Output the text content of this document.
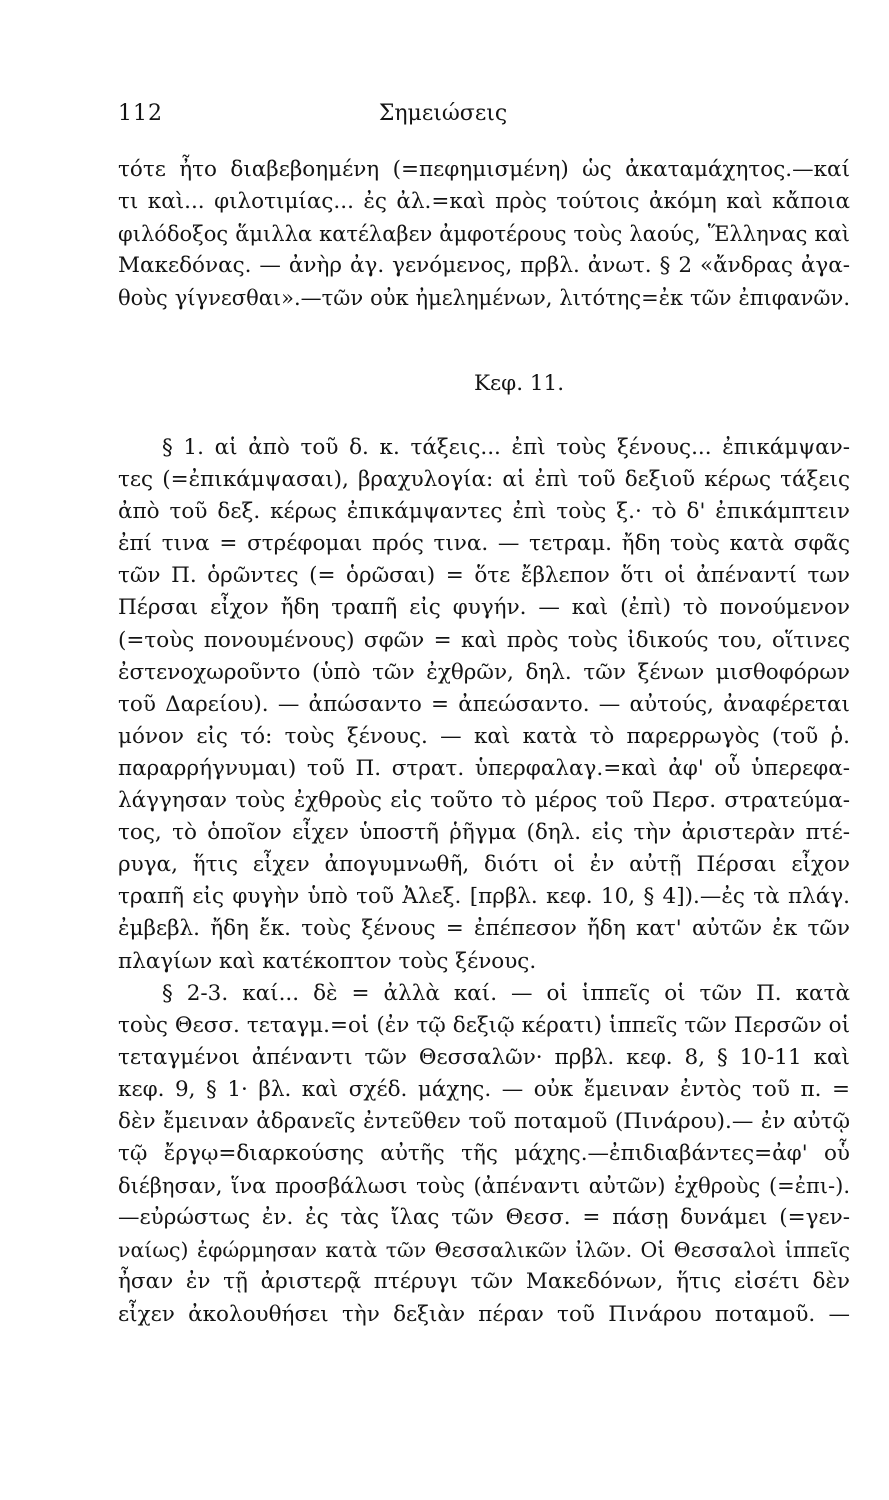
112	Σημειώσεις
τότε ἦτο διαβεβοημένη (=πεφημισμένη) ὡς ἀκαταμάχητος.—καί
τι καὶ... φιλοτιμίας... ἐς ἀλ.=καὶ πρὸς τούτοις ἀκόμη καὶ κἄποια
φιλόδοξος ἅμιλλα κατέλαβεν ἀμφοτέρους τοὺς λαούς, Ἕλληνας καὶ
Μακεδόνας. — ἀνὴρ ἀγ. γενόμενος, πρβλ. ἀνωτ. § 2 «ἄνδρας ἀγα-
θοὺς γίγνεσθαι».—τῶν οὐκ ἠμελημένων, λιτότης=ἐκ τῶν ἐπιφανῶν.
Κεφ. 11.
§ 1. αἱ ἀπὸ τοῦ δ. κ. τάξεις... ἐπὶ τοὺς ξένους... ἐπικάμψαν-
τες (=ἐπικάμψασαι), βραχυλογία: αἱ ἐπὶ τοῦ δεξιοῦ κέρως τάξεις
ἀπὸ τοῦ δεξ. κέρως ἐπικάμψαντες ἐπὶ τοὺς ξ.· τὸ δ' ἐπικάμπτειν
ἐπί τινα = στρέφομαι πρός τινα. — τετραμ. ἤδη τοὺς κατὰ σφᾶς
τῶν Π. ὁρῶντες (= ὁρῶσαι) = ὅτε ἔβλεπον ὅτι οἱ ἀπέναντί των
Πέρσαι εἶχον ἤδη τραπῆ εἰς φυγήν. — καὶ (ἐπὶ) τὸ πονούμενον
(=τοὺς πονουμένους) σφῶν = καὶ πρὸς τοὺς ἰδικούς του, οἵτινες
ἐστενοχωροῦντο (ὑπὸ τῶν ἐχθρῶν, δηλ. τῶν ξένων μισθοφόρων
τοῦ Δαρείου). — ἀπώσαντο = ἀπεώσαντο. — αὐτούς, ἀναφέρεται
μόνον εἰς τό: τοὺς ξένους. — καὶ κατὰ τὸ παρερρωγὸς (τοῦ ῥ.
παραρρήγνυμαι) τοῦ Π. στρατ. ὑπερφαλαγ.=καὶ ἀφ' οὗ ὑπερεφα-
λάγγησαν τοὺς ἐχθροὺς εἰς τοῦτο τὸ μέρος τοῦ Περσ. στρατεύμα-
τος, τὸ ὁποῖον εἶχεν ὑποστῆ ῥῆγμα (δηλ. εἰς τὴν ἀριστερὰν πτέ-
ρυγα, ἥτις εἶχεν ἀπογυμνωθῆ, διότι οἱ ἐν αὐτῇ Πέρσαι εἶχον
τραπῆ εἰς φυγὴν ὑπὸ τοῦ Ἀλεξ. [πρβλ. κεφ. 10, § 4]).—ἐς τὰ πλάγ.
ἐμβεβλ. ἤδη ἔκ. τοὺς ξένους = ἐπέπεσον ἤδη κατ' αὐτῶν ἐκ τῶν
πλαγίων καὶ κατέκοπτον τοὺς ξένους.
§ 2-3. καί... δὲ = ἀλλὰ καί. — οἱ ἱππεῖς οἱ τῶν Π. κατὰ
τοὺς Θεσσ. τεταγμ.=οἱ (ἐν τῷ δεξιῷ κέρατι) ἱππεῖς τῶν Περσῶν οἱ
τεταγμένοι ἀπέναντι τῶν Θεσσαλῶν· πρβλ. κεφ. 8, § 10-11 καὶ
κεφ. 9, § 1· βλ. καὶ σχέδ. μάχης. — οὐκ ἔμειναν ἐντὸς τοῦ π. =
δὲν ἔμειναν ἀδρανεῖς ἐντεῦθεν τοῦ ποταμοῦ (Πινάρου).— ἐν αὐτῷ
τῷ ἔργῳ=διαρκούσης αὐτῆς τῆς μάχης.—ἐπιδιαβάντες=ἀφ' οὗ
διέβησαν, ἵνα προσβάλωσι τοὺς (ἀπέναντι αὐτῶν) ἐχθροὺς (=ἐπι-).
—εὐρώστως ἐν. ἐς τὰς ἴλας τῶν Θεσσ. = πάσῃ δυνάμει (=γεν-
ναίως) ἐφώρμησαν κατὰ τῶν Θεσσαλικῶν ἰλῶν. Οἱ Θεσσαλοὶ ἱππεῖς
ἦσαν ἐν τῇ ἀριστερᾷ πτέρυγι τῶν Μακεδόνων, ἥτις εἰσέτι δὲν
εἶχεν ἀκολουθήσει τὴν δεξιὰν πέραν τοῦ Πινάρου ποταμοῦ. —
